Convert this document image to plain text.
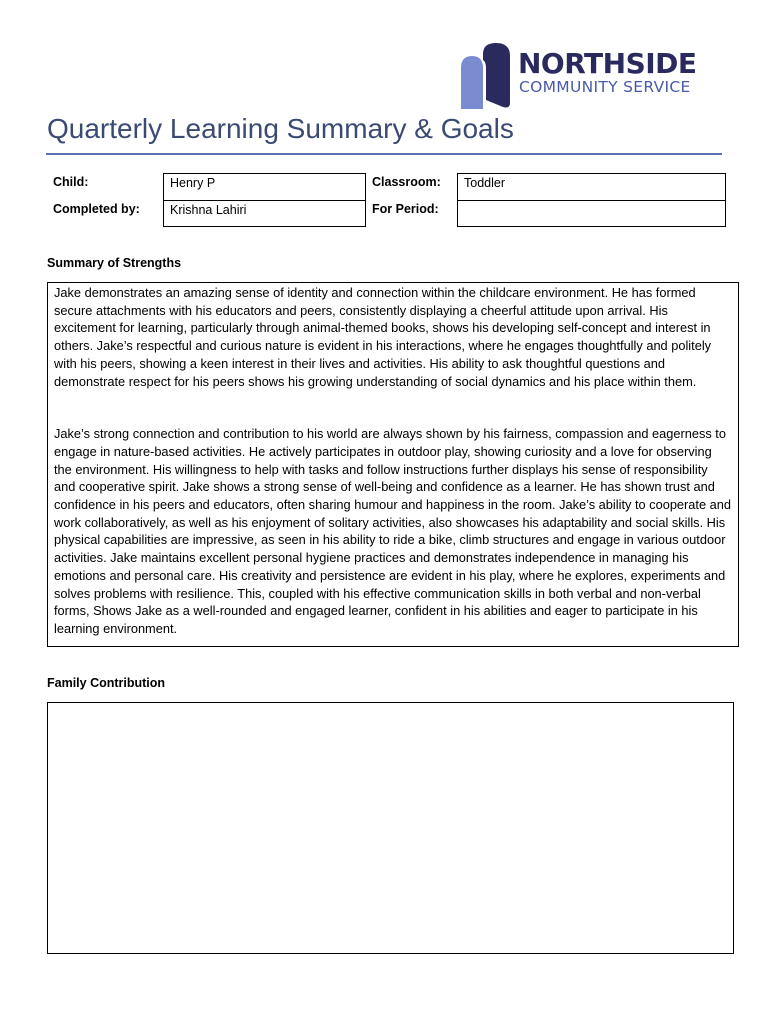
NORTHSIDE
COMMUNITY SERVICE
Quarterly Learning Summary & Goals
Child:	Henry P	Classroom:	Toddler
Completed by:	Krishna Lahiri	For Period:
Summary of Strengths

Jake demonstrates an amazing sense of identity and connection within the childcare environment. He has formed secure attachments with his educators and peers, consistently displaying a cheerful attitude upon arrival. His excitement for learning, particularly through animal-themed books, shows his developing self-concept and interest in others. Jake’s respectful and curious nature is evident in his interactions, where he engages thoughtfully and politely with his peers, showing a keen interest in their lives and activities. His ability to ask thoughtful questions and demonstrate respect for his peers shows his growing understanding of social dynamics and his place within them.

Jake’s strong connection and contribution to his world are always shown by his fairness, compassion and eagerness to engage in nature-based activities. He actively participates in outdoor play, showing curiosity and a love for observing the environment. His willingness to help with tasks and follow instructions further displays his sense of responsibility and cooperative spirit. Jake shows a strong sense of well-being and confidence as a learner. He has shown trust and confidence in his peers and educators, often sharing humour and happiness in the room. Jake’s ability to cooperate and work collaboratively, as well as his enjoyment of solitary activities, also showcases his adaptability and social skills. His physical capabilities are impressive, as seen in his ability to ride a bike, climb structures and engage in various outdoor activities. Jake maintains excellent personal hygiene practices and demonstrates independence in managing his emotions and personal care. His creativity and persistence are evident in his play, where he explores, experiments and solves problems with resilience. This, coupled with his effective communication skills in both verbal and non-verbal forms, Shows Jake as a well-rounded and engaged learner, confident in his abilities and eager to participate in his learning environment.

Family Contribution
